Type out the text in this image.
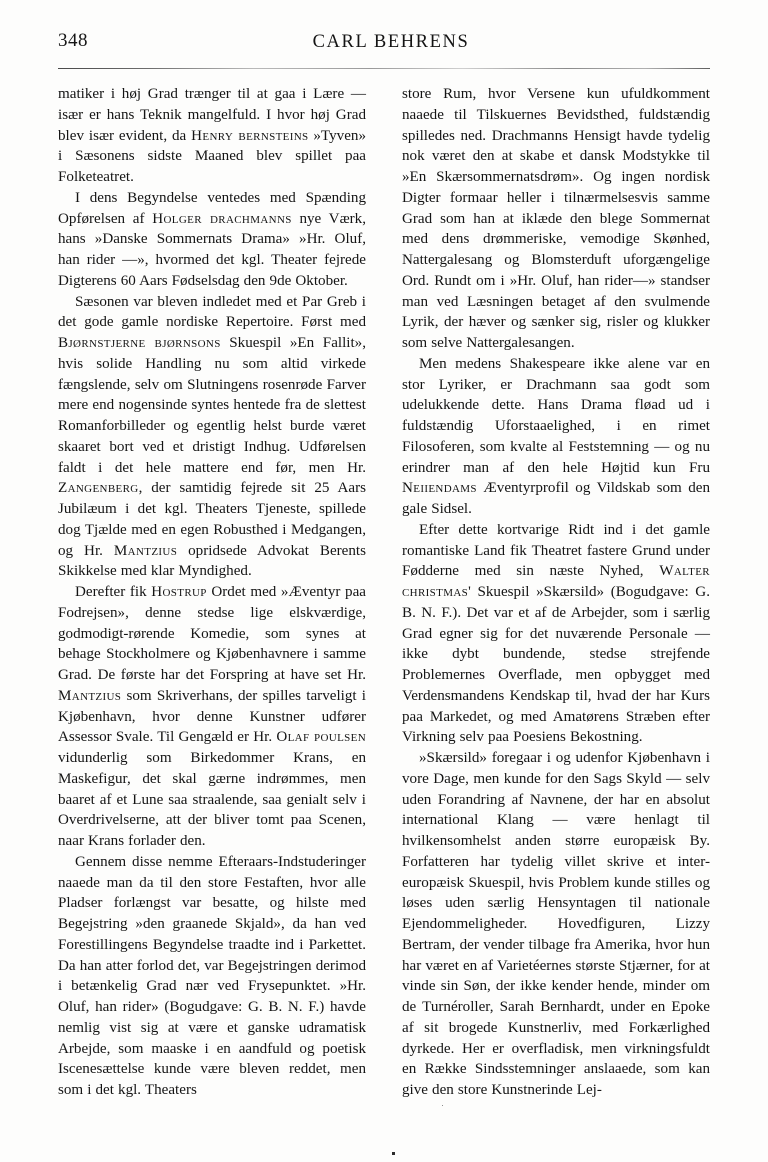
348	CARL BEHRENS

matiker i høj Grad trænger til at gaa i Lære — især er hans Teknik mangelfuld. I hvor høj Grad blev især evident, da Henry bernsteins »Tyven» i Sæsonens sidste Maaned blev spillet paa Folketeatret.

I dens Begyndelse ventedes med Spænding Opførelsen af Holger drachmanns nye Værk, hans »Danske Sommernats Drama» »Hr. Oluf, han rider —», hvormed det kgl. Theater fejrede Digterens 60 Aars Fødselsdag den 9de Oktober.

Sæsonen var bleven indledet med et Par Greb i det gode gamle nordiske Repertoire. Først med Bjørnstjerne bjørnsons Skuespil »En Fallit», hvis solide Handling nu som altid virkede fængslende, selv om Slutningens rosenrøde Farver mere end nogensinde syntes hentede fra de slettest Romanforbilleder og egentlig helst burde været skaaret bort ved et dristigt Indhug. Udførelsen faldt i det hele mattere end før, men Hr. Zangenberg, der samtidig fejrede sit 25 Aars Jubilæum i det kgl. Theaters Tjeneste, spillede dog Tjælde med en egen Robusthed i Medgangen, og Hr. Mantzius opridsede Advokat Berents Skikkelse med klar Myndighed.

Derefter fik Hostrup Ordet med »Æventyr paa Fodrejsen», denne stedse lige elskværdige, godmodigt-rørende Komedie, som synes at behage Stockholmere og Kjøbenhavnere i samme Grad. De første har det Forspring at have set Hr. Mantzius som Skriverhans, der spilles tarveligt i Kjøbenhavn, hvor denne Kunstner udfører Assessor Svale. Til Gengæld er Hr. Olaf poulsen vidunderlig som Birkedommer Krans, en Maskefigur, det skal gærne indrømmes, men baaret af et Lune saa straalende, saa genialt selv i Overdrivelserne, att der bliver tomt paa Scenen, naar Krans forlader den.

Gennem disse nemme Efteraars-Indstuderinger naaede man da til den store Festaften, hvor alle Pladser forlængst var besatte, og hilste med Begejstring »den graanede Skjald», da han ved Forestillingens Begyndelse traadte ind i Parkettet. Da han atter forlod det, var Begejstringen derimod i betænkelig Grad nær ved Frysepunktet. »Hr. Oluf, han rider» (Bogudgave: G. B. N. F.) havde nemlig vist sig at være et ganske udramatisk Arbejde, som maaske i en aandfuld og poetisk Iscenesættelse kunde være bleven reddet, men som i det kgl. Theaters

store Rum, hvor Versene kun ufuldkomment naaede til Tilskuernes Bevidsthed, fuldstændig spilledes ned. Drachmanns Hensigt havde tydelig nok været den at skabe et dansk Modstykke til »En Skærsommernatsdrøm». Og ingen nordisk Digter formaar heller i tilnærmelsesvis samme Grad som han at iklæde den blege Sommernat med dens drømmeriske, vemodige Skønhed, Nattergalesang og Blomsterduft uforgængelige Ord. Rundt om i »Hr. Oluf, han rider—» standser man ved Læsningen betaget af den svulmende Lyrik, der hæver og sænker sig, risler og klukker som selve Nattergalesangen.

Men medens Shakespeare ikke alene var en stor Lyriker, er Drachmann saa godt som udelukkende dette. Hans Drama fløad ud i fuldstændig Uforstaaelighed, i en rimet Filosoferen, som kvalte al Feststemning — og nu erindrer man af den hele Højtid kun Fru Neiiendams Æventyrprofil og Vildskab som den gale Sidsel.

Efter dette kortvarige Ridt ind i det gamle romantiske Land fik Theatret fastere Grund under Fødderne med sin næste Nyhed, Walter christmas' Skuespil »Skærsild» (Bogudgave: G. B. N. F.). Det var et af de Arbejder, som i særlig Grad egner sig for det nuværende Personale — ikke dybt bundende, stedse strejfende Problemernes Overflade, men opbygget med Verdensmandens Kendskap til, hvad der har Kurs paa Markedet, og med Amatørens Stræben efter Virkning selv paa Poesiens Bekostning.

»Skærsild» foregaar i og udenfor Kjøbenhavn i vore Dage, men kunde for den Sags Skyld — selv uden Forandring af Navnene, der har en absolut international Klang — være henlagt til hvilkensomhelst anden større europæisk By. Forfatteren har tydelig villet skrive et inter-europæisk Skuespil, hvis Problem kunde stilles og løses uden særlig Hensyntagen til nationale Ejendommeligheder. Hovedfiguren, Lizzy Bertram, der vender tilbage fra Amerika, hvor hun har været en af Varietéernes største Stjærner, for at vinde sin Søn, der ikke kender hende, minder om de Turnéroller, Sarah Bernhardt, under en Epoke af sit brogede Kunstnerliv, med Forkærlighed dyrkede. Her er overfladisk, men virkningsfuldt en Række Sindsstemninger anslaaede, som kan give den store Kunstnerinde Lej-
